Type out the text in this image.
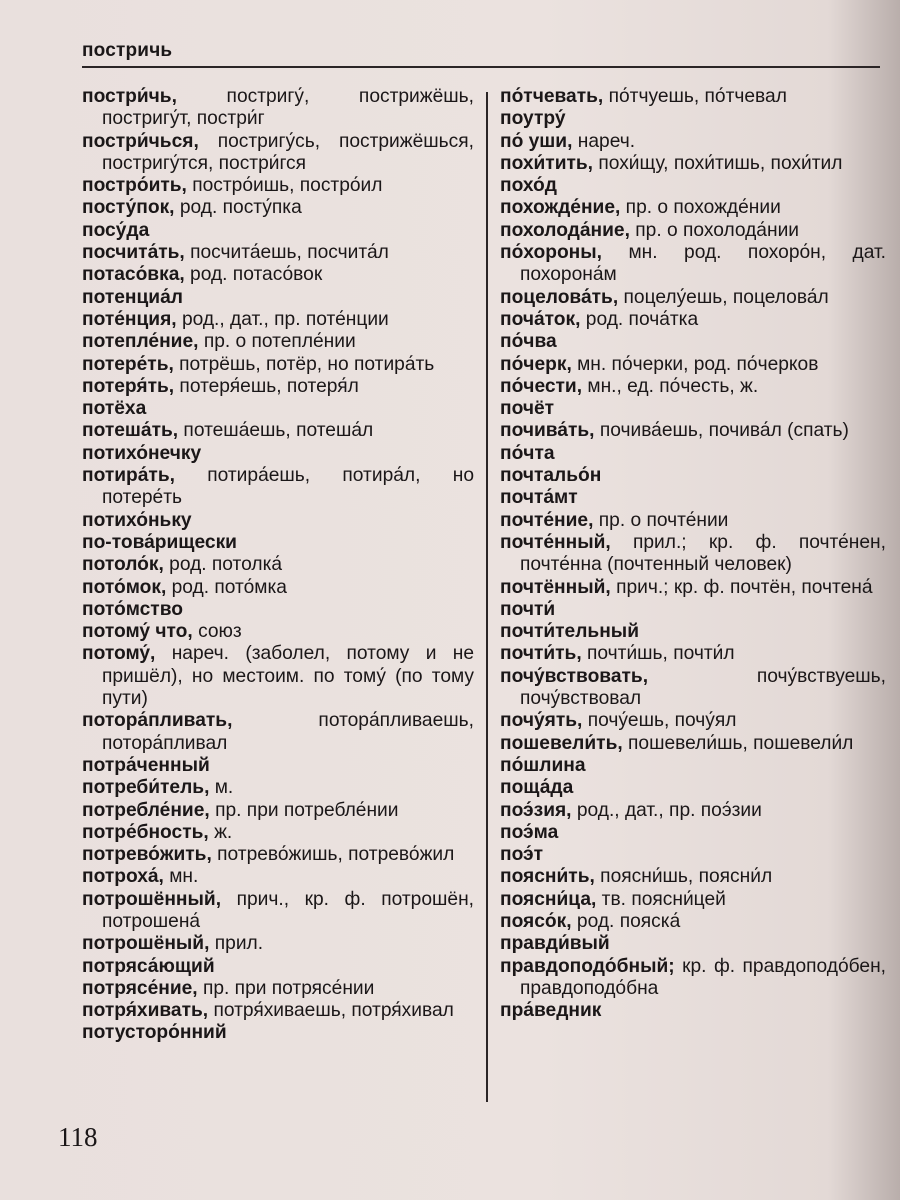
постричь
постри́чь, постригу́, пострижёшь, постригу́т, постри́г
постри́чься, постригу́сь, пострижёшься, постригу́тся, постри́гся
постро́ить, постро́ишь, постро́ил
посту́пок, род. посту́пка
посу́да
посчита́ть, посчита́ешь, посчита́л
потасо́вка, род. потасо́вок
потенциа́л
поте́нция, род., дат., пр. поте́нции
потепле́ние, пр. о потепле́нии
потере́ть, потрёшь, потёр, но потира́ть
потеря́ть, потеря́ешь, потеря́л
потёха
потеша́ть, потеша́ешь, потеша́л
потихо́нечку
потира́ть, потира́ешь, потира́л, но потере́ть
потихо́ньку
по-това́рищески
потоло́к, род. потолка́
пото́мок, род. пото́мка
пото́мство
потому́ что, союз
потому́, нареч. (заболел, потому и не пришёл), но местоим. по тому́ (по тому пути)
потора́пливать, потора́пливаешь, потора́пливал
потра́ченный
потреби́тель, м.
потребле́ние, пр. при потребле́нии
потре́бность, ж.
потрево́жить, потрево́жишь, потрево́жил
потроха́, мн.
потрошённый, прич., кр. ф. потрошён, потрошена́
потрошёный, прил.
потряса́ющий
потрясе́ние, пр. при потрясе́нии
потря́хивать, потря́хиваешь, потря́хивал
потусторо́нний
по́тчевать, по́тчуешь, по́тчевал
поутру́
по́ уши, нареч.
похи́тить, похи́щу, похи́тишь, похи́тил
похо́д
похожде́ние, пр. о похожде́нии
похолода́ние, пр. о похолода́нии
по́хороны, мн. род. похоро́н, дат. похорона́м
поцелова́ть, поцелу́ешь, поцелова́л
поча́ток, род. поча́тка
по́чва
по́черк, мн. по́черки, род. по́черков
по́чести, мн., ед. по́честь, ж.
почёт
почива́ть, почива́ешь, почива́л (спать)
по́чта
почтальо́н
почта́мт
почте́ние, пр. о почте́нии
почте́нный, прил.; кр. ф. почте́нен, почте́нна (почтенный человек)
почтённый, прич.; кр. ф. почтён, почтена́
почти́
почти́тельный
почти́ть, почти́шь, почти́л
почу́вствовать, почу́вствуешь, почу́вствовал
почу́ять, почу́ешь, почу́ял
пошевели́ть, пошевели́шь, пошевели́л
по́шлина
поща́да
поэ́зия, род., дат., пр. поэ́зии
поэ́ма
поэ́т
поясни́ть, поясни́шь, поясни́л
поясни́ца, тв. поясни́цей
поясо́к, род. пояска́
правди́вый
правдоподо́бный; кр. ф. правдоподо́бен, правдоподо́бна
пра́ведник
118
